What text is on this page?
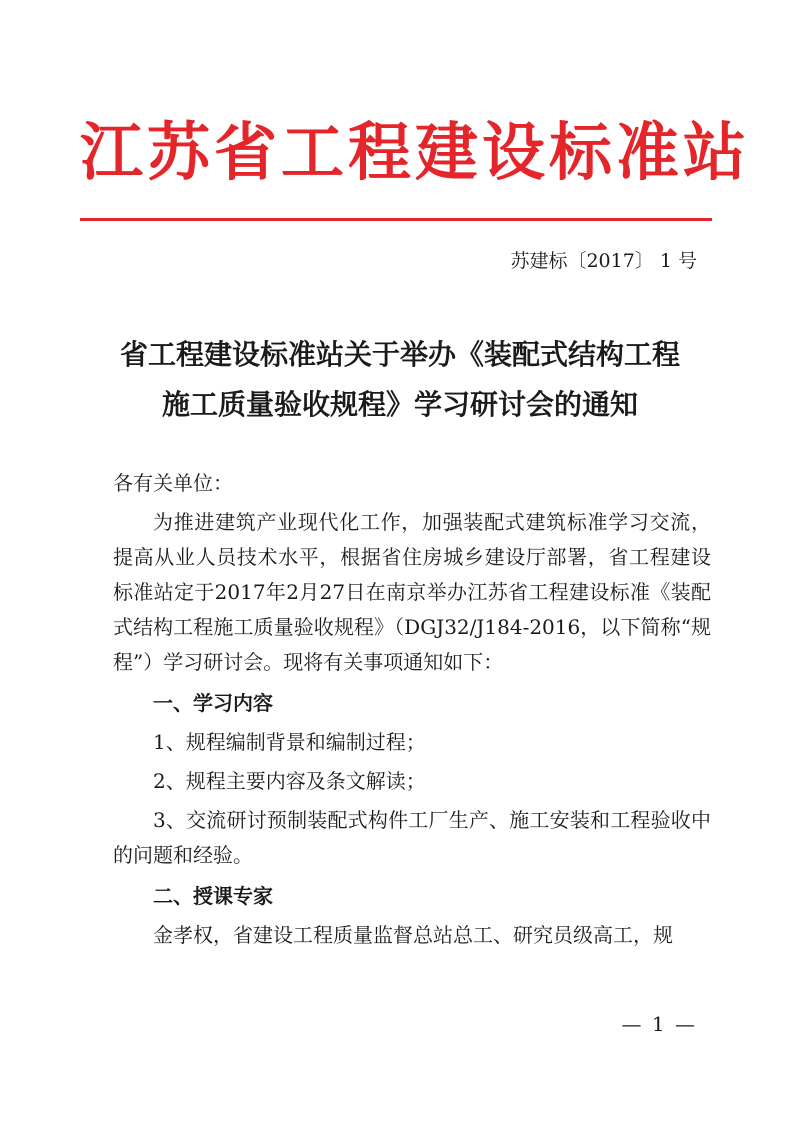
江苏省工程建设标准站
苏建标〔2017〕 1 号
省工程建设标准站关于举办《装配式结构工程
施工质量验收规程》学习研讨会的通知

各有关单位：

为推进建筑产业现代化工作，加强装配式建筑标准学习交流，提高从业人员技术水平，根据省住房城乡建设厅部署，省工程建设标准站定于2017年2月27日在南京举办江苏省工程建设标准《装配式结构工程施工质量验收规程》（DGJ32/J184-2016，以下简称“规程”）学习研讨会。现将有关事项通知如下：

一、学习内容

1、规程编制背景和编制过程；

2、规程主要内容及条文解读；

3、交流研讨预制装配式构件工厂生产、施工安装和工程验收中的问题和经验。

二、授课专家

金孝权，省建设工程质量监督总站总工、研究员级高工，规

— 1 —
